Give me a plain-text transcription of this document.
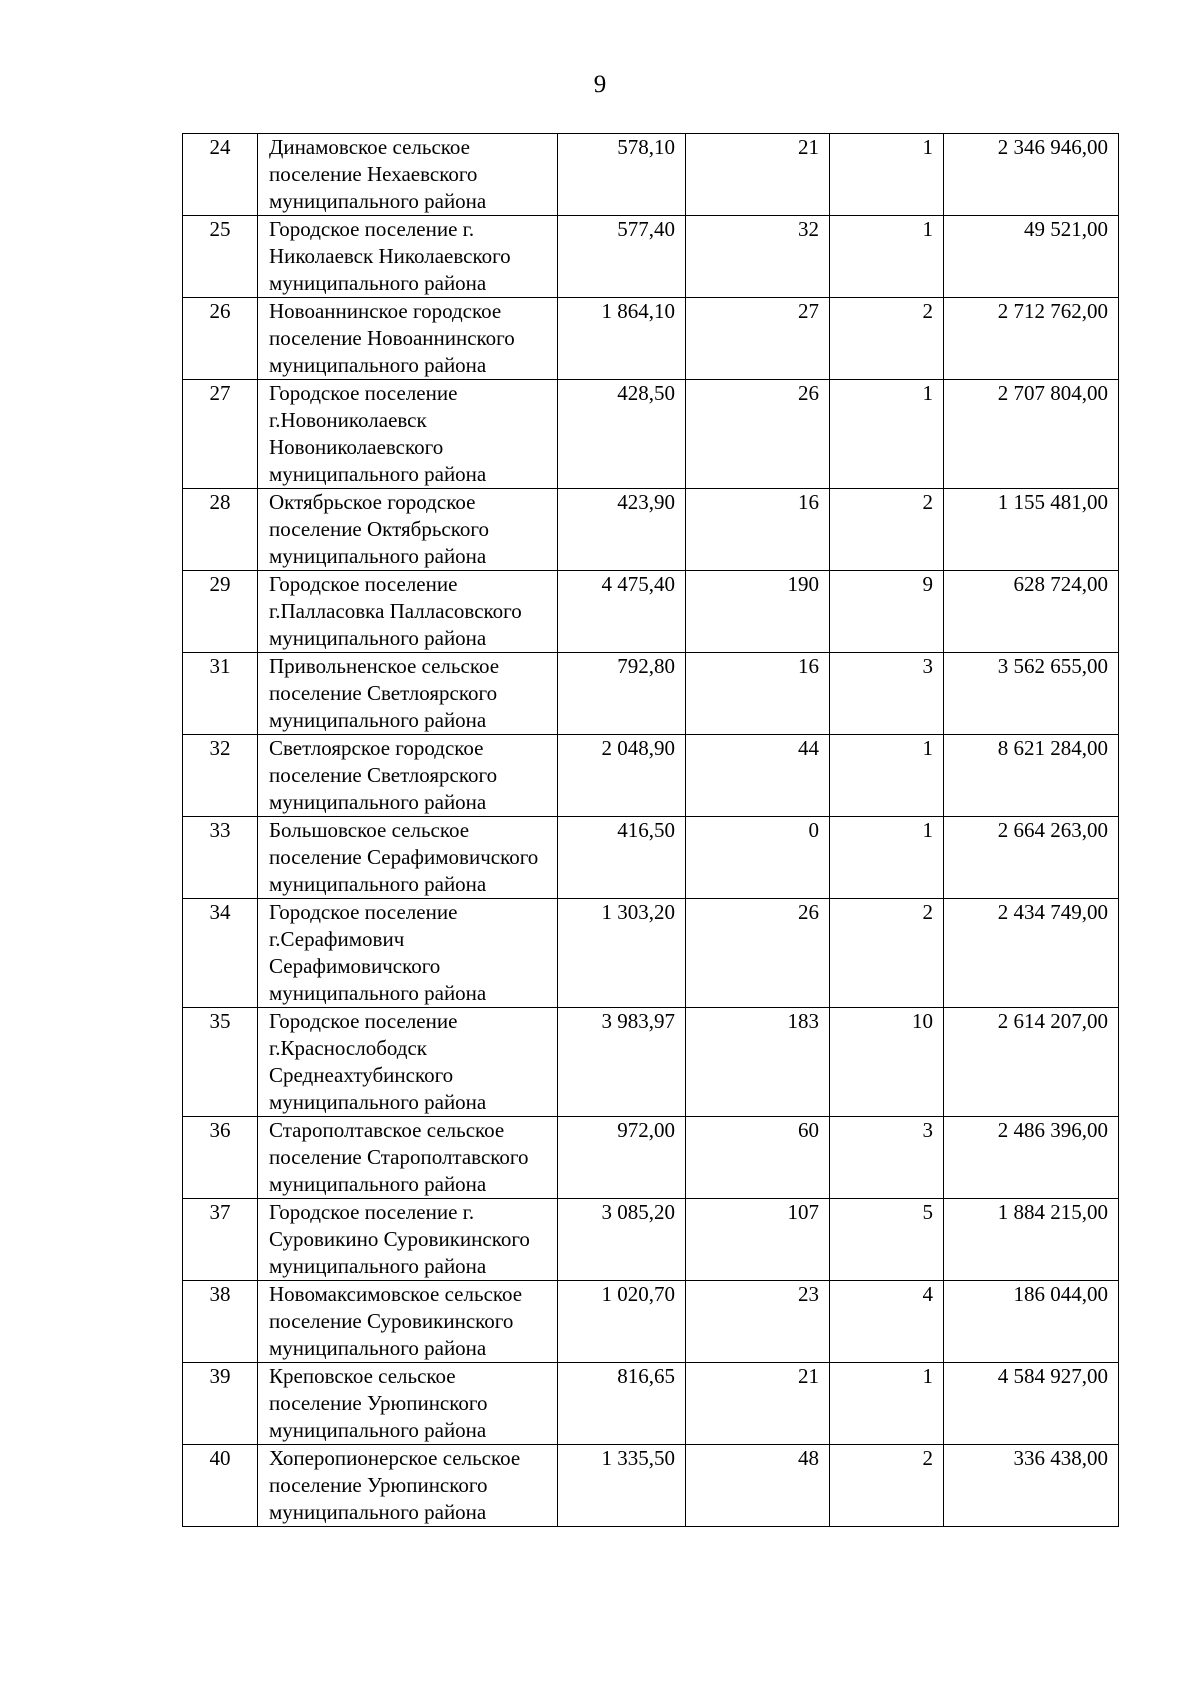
9
24	Динамовское сельское поселение Нехаевского муниципального района	578,10	21	1	2 346 946,00
25	Городское поселение г. Николаевск Николаевского муниципального района	577,40	32	1	49 521,00
26	Новоаннинское городское поселение Новоаннинского муниципального района	1 864,10	27	2	2 712 762,00
27	Городское поселение г.Новониколаевск Новониколаевского муниципального района	428,50	26	1	2 707 804,00
28	Октябрьское городское поселение Октябрьского муниципального района	423,90	16	2	1 155 481,00
29	Городское поселение г.Палласовка Палласовского муниципального района	4 475,40	190	9	628 724,00
31	Привольненское сельское поселение Светлоярского муниципального района	792,80	16	3	3 562 655,00
32	Светлоярское городское поселение Светлоярского муниципального района	2 048,90	44	1	8 621 284,00
33	Большовское сельское поселение Серафимовичского муниципального района	416,50	0	1	2 664 263,00
34	Городское поселение г.Серафимович Серафимовичского муниципального района	1 303,20	26	2	2 434 749,00
35	Городское поселение г.Краснослободск Среднеахтубинского муниципального района	3 983,97	183	10	2 614 207,00
36	Старополтавское сельское поселение Старополтавского муниципального района	972,00	60	3	2 486 396,00
37	Городское поселение г. Суровикино Суровикинского муниципального района	3 085,20	107	5	1 884 215,00
38	Новомаксимовское сельское поселение Суровикинского муниципального района	1 020,70	23	4	186 044,00
39	Креповское сельское поселение Урюпинского муниципального района	816,65	21	1	4 584 927,00
40	Хоперопионерское сельское поселение Урюпинского муниципального района	1 335,50	48	2	336 438,00
